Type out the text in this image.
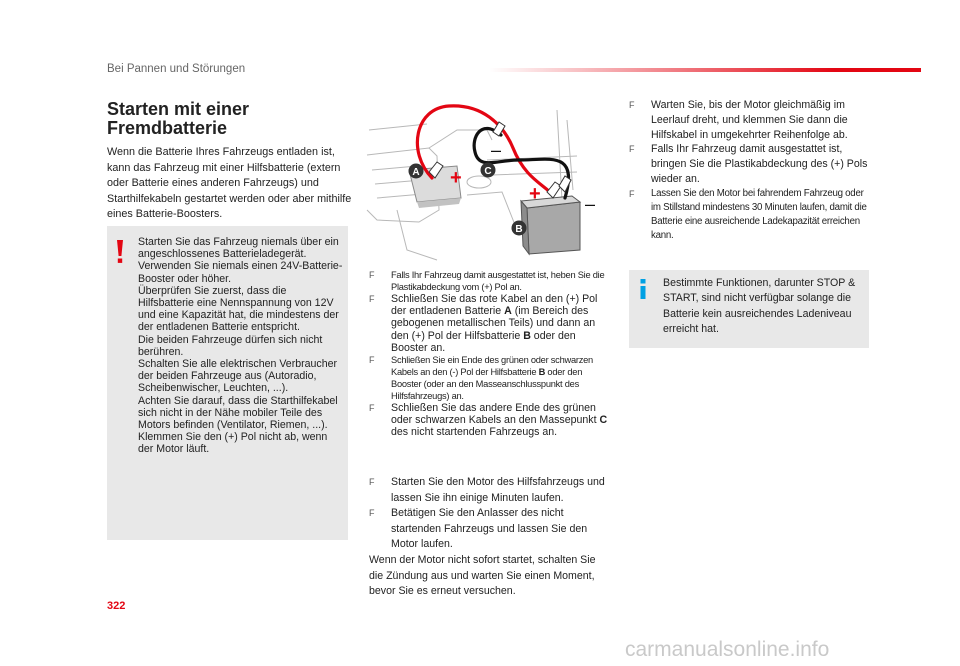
Bei Pannen und Störungen
Starten mit einer Fremdbatterie
Wenn die Batterie Ihres Fahrzeugs entladen ist, kann das Fahrzeug mit einer Hilfsbatterie (extern oder Batterie eines anderen Fahrzeugs) und Starthilfekabeln gestartet werden oder aber mithilfe eines Batterie-Boosters.
Starten Sie das Fahrzeug niemals über ein angeschlossenes Batterieladegerät.
Verwenden Sie niemals einen 24V-Batterie-Booster oder höher.
Überprüfen Sie zuerst, dass die Hilfsbatterie eine Nennspannung von 12V und eine Kapazität hat, die mindestens der der entladenen Batterie entspricht.
Die beiden Fahrzeuge dürfen sich nicht berühren.
Schalten Sie alle elektrischen Verbraucher der beiden Fahrzeuge aus (Autoradio, Scheibenwischer, Leuchten, ...).
Achten Sie darauf, dass die Starthilfekabel sich nicht in der Nähe mobiler Teile des Motors befinden (Ventilator, Riemen, ...).
Klemmen Sie den (+) Pol nicht ab, wenn der Motor läuft.
A	C
B
+
+
–
–
F Falls Ihr Fahrzeug damit ausgestattet ist, heben Sie die Plastikabdeckung vom (+) Pol an.
F Schließen Sie das rote Kabel an den (+) Pol der entladenen Batterie A (im Bereich des gebogenen metallischen Teils) und dann an den (+) Pol der Hilfsbatterie B oder den Booster an.
F Schließen Sie ein Ende des grünen oder schwarzen Kabels an den (-) Pol der Hilfsbatterie B oder den Booster (oder an den Masseanschlusspunkt des Hilfsfahrzeugs) an.
F Schließen Sie das andere Ende des grünen oder schwarzen Kabels an den Massepunkt C des nicht startenden Fahrzeugs an.
F Starten Sie den Motor des Hilfsfahrzeugs und lassen Sie ihn einige Minuten laufen.
F Betätigen Sie den Anlasser des nicht startenden Fahrzeugs und lassen Sie den Motor laufen.
Wenn der Motor nicht sofort startet, schalten Sie die Zündung aus und warten Sie einen Moment, bevor Sie es erneut versuchen.
F Warten Sie, bis der Motor gleichmäßig im Leerlauf dreht, und klemmen Sie dann die Hilfskabel in umgekehrter Reihenfolge ab.
F Falls Ihr Fahrzeug damit ausgestattet ist, bringen Sie die Plastikabdeckung des (+) Pols wieder an.
F Lassen Sie den Motor bei fahrendem Fahrzeug oder im Stillstand mindestens 30 Minuten laufen, damit die Batterie eine ausreichende Ladekapazität erreichen kann.
Bestimmte Funktionen, darunter STOP & START, sind nicht verfügbar solange die Batterie kein ausreichendes Ladeniveau erreicht hat.
322
carmanualsonline.info
